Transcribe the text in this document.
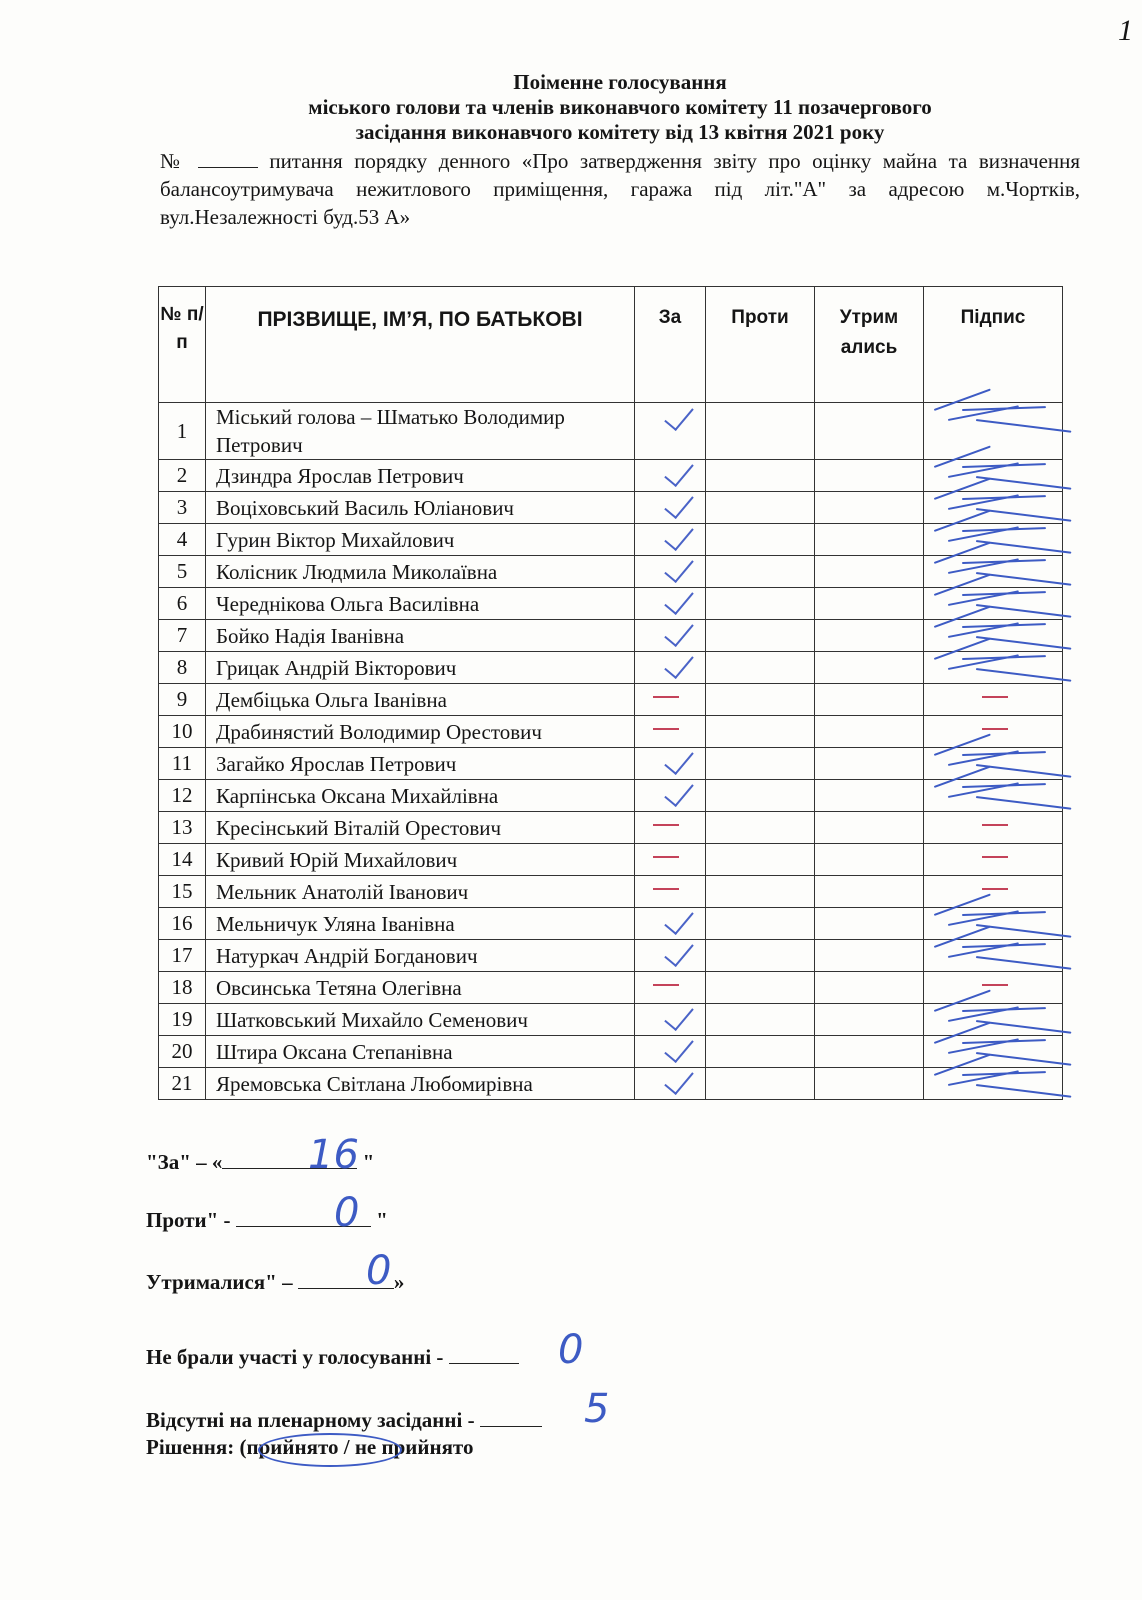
1
Поіменне голосування
міського голови та членів виконавчого комітету 11 позачергового
засідання виконавчого комітету від 13 квітня 2021 року
№	питання порядку денного «Про затвердження звіту про оцінку майна та визначення балансоутримувача нежитлового приміщення, гаража під літ."А" за адресою м.Чортків, вул.Незалежності буд.53 А»
№ п/п	ПРІЗВИЩЕ, ІМ’Я, ПО БАТЬКОВІ	За	Проти	Утрим ались	Підпис
1	Міський голова – Шматько Володимир Петрович	

2	Дзиндра Ярослав Петрович	

3	Воціховський Василь Юліанович	

4	Гурин Віктор Михайлович	

5	Колісник Людмила Миколаївна	

6	Череднікова Ольга Василівна	

7	Бойко Надія Іванівна	

8	Грицак Андрій Вікторович	

9	Дембіцька Ольга Іванівна	

10	Драбинястий Володимир Орестович	

11	Загайко Ярослав Петрович	

12	Карпінська Оксана Михайлівна	

13	Кресінський Віталій Орестович	

14	Кривий Юрій Михайлович	

15	Мельник Анатолій Іванович	

16	Мельничук Уляна Іванівна	

17	Натуркач Андрій Богданович	

18	Овсинська Тетяна Олегівна	

19	Шатковський Михайло Семенович	

20	Штира Оксана Степанівна	

21	Яремовська Світлана Любомирівна	

"За" – «	"
16
Проти" -	"
0
Утрималися" –	»
0
Не брали участі у голосуванні -	0
Відсутні на пленарному засіданні -	5
Рішення: (прийнято / не прийнято
